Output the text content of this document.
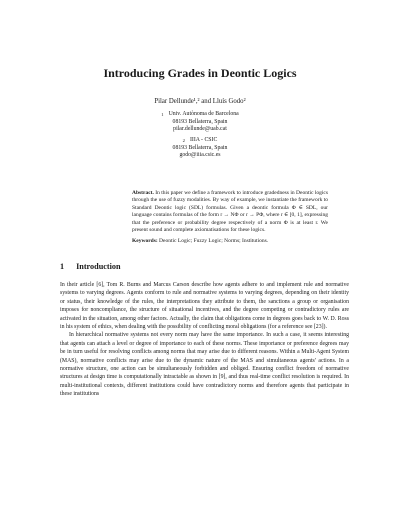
Introducing Grades in Deontic Logics
Pilar Dellunde¹,² and Lluís Godo²
$^1$ Univ. Autònoma de Barcelona
08193 Bellaterra, Spain
pilar.dellunde@uab.cat
$^2$ IIIA - CSIC
08193 Bellaterra, Spain
godo@iiia.csic.es
Abstract. In this paper we define a framework to introduce gradedness in Deontic logics through the use of fuzzy modalities. By way of example, we instantiate the framework to Standard Deontic logic (SDL) formulas. Given a deontic formula Φ ∈ SDL, our language contains formulas of the form r → NΦ or r → PΦ, where r ∈ [0, 1], expressing that the preference or probability degree respectively of a norm Φ is at least r. We present sound and complete axiomatisations for these logics.
Keywords: Deontic Logic; Fuzzy Logic; Norms; Institutions.
1 Introduction

In their article [6], Tom R. Burns and Marcus Carson describe how agents adhere to and implement rule and normative systems to varying degrees. Agents conform to rule and normative systems to varying degrees, depending on their identity or status, their knowledge of the rules, the interpretations they attribute to them, the sanctions a group or organisation imposes for noncompliance, the structure of situational incentives, and the degree competing or contradictory rules are activated in the situation, among other factors. Actually, the claim that obligations come in degrees goes back to W. D. Ross in his system of ethics, when dealing with the possibility of conflicting moral obligations (for a reference see [23]).

In hierarchical normative systems not every norm may have the same importance. In such a case, it seems interesting that agents can attach a level or degree of importance to each of these norms. These importance or preference degrees may be in turn useful for resolving conflicts among norms that may arise due to different reasons. Within a Multi-Agent System (MAS), normative conflicts may arise due to the dynamic nature of the MAS and simultaneous agents' actions. In a normative structure, one action can be simultaneously forbidden and obliged. Ensuring conflict freedom of normative structures at design time is computationally intractable as shown in [9], and thus real-time conflict resolution is required. In multi-institutional contexts, different institutions could have contradictory norms and therefore agents that participate in these institutions
